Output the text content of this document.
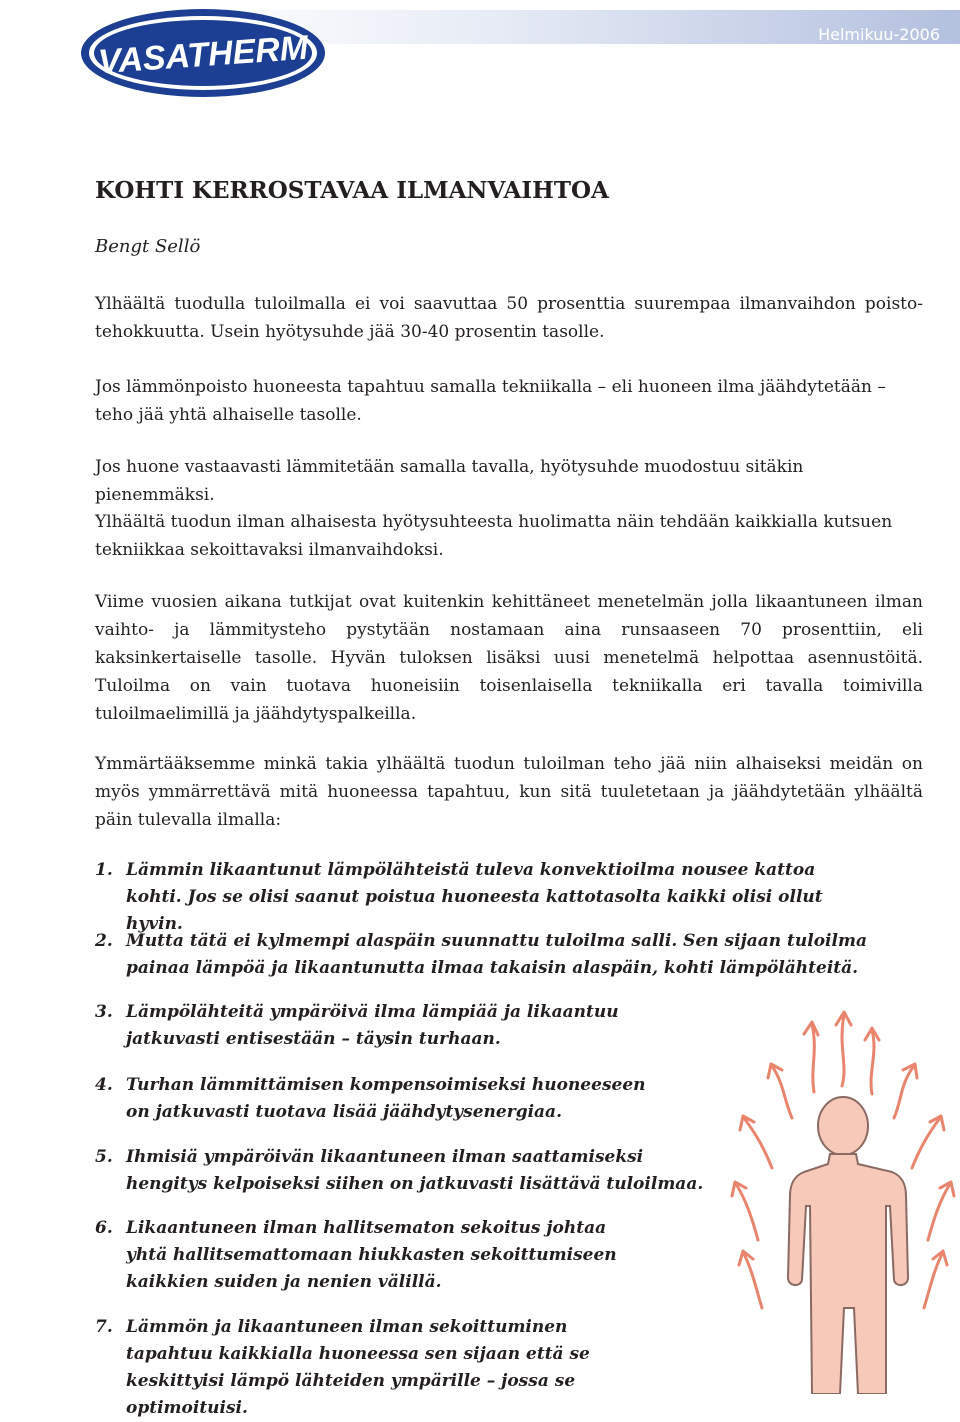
Helmikuu-2006
VASATHERM
KOHTI KERROSTAVAA ILMANVAIHTOA
Bengt Sellö

Ylhäältä tuodulla tuloilmalla ei voi saavuttaa 50 prosenttia suurempaa ilmanvaihdon poistotehokkuutta. Usein hyötysuhde jää 30-40 prosentin tasolle.

Jos lämmönpoisto huoneesta tapahtuu samalla tekniikalla – eli huoneen ilma jäähdytetään – teho jää yhtä alhaiselle tasolle.

Jos huone vastaavasti lämmitetään samalla tavalla, hyötysuhde muodostuu sitäkin pienemmäksi.

Ylhäältä tuodun ilman alhaisesta hyötysuhteesta huolimatta näin tehdään kaikkialla kutsuen tekniikkaa sekoittavaksi ilmanvaihdoksi.

Viime vuosien aikana tutkijat ovat kuitenkin kehittäneet menetelmän jolla likaantuneen ilman vaihto- ja lämmitysteho pystytään nostamaan aina runsaaseen 70 prosenttiin, eli kaksinkertaiselle tasolle. Hyvän tuloksen lisäksi uusi menetelmä helpottaa asennustöitä. Tuloilma on vain tuotava huoneisiin toisenlaisella tekniikalla eri tavalla toimivilla tuloilmaelimillä ja jäähdytyspalkeilla.

Ymmärtääksemme minkä takia ylhäältä tuodun tuloilman teho jää niin alhaiseksi meidän on myös ymmärrettävä mitä huoneessa tapahtuu, kun sitä tuuletetaan ja jäähdytetään ylhäältä päin tulevalla ilmalla:

1. Lämmin likaantunut lämpölähteistä tuleva konvektioilma nousee kattoa kohti. Jos se olisi saanut poistua huoneesta kattotasolta kaikki olisi ollut hyvin.
2. Mutta tätä ei kylmempi alaspäin suunnattu tuloilma salli. Sen sijaan tuloilma painaa lämpöä ja likaantunutta ilmaa takaisin alaspäin, kohti lämpölähteitä.
3. Lämpölähteitä ympäröivä ilma lämpiää ja likaantuu jatkuvasti entisestään – täysin turhaan.
4. Turhan lämmittämisen kompensoimiseksi huoneeseen on jatkuvasti tuotava lisää jäähdytysenergiaa.
5. Ihmisiä ympäröivän likaantuneen ilman saattamiseksi hengitys kelpoiseksi siihen on jatkuvasti lisättävä tuloilmaa.
6. Likaantuneen ilman hallitsematon sekoitus johtaa yhtä hallitsemattomaan hiukkasten sekoittumiseen kaikkien suiden ja nenien välillä.
7. Lämmön ja likaantuneen ilman sekoittuminen tapahtuu kaikkialla huoneessa sen sijaan että se keskittyisi lämpö lähteiden ympärille – jossa se optimoituisi.
